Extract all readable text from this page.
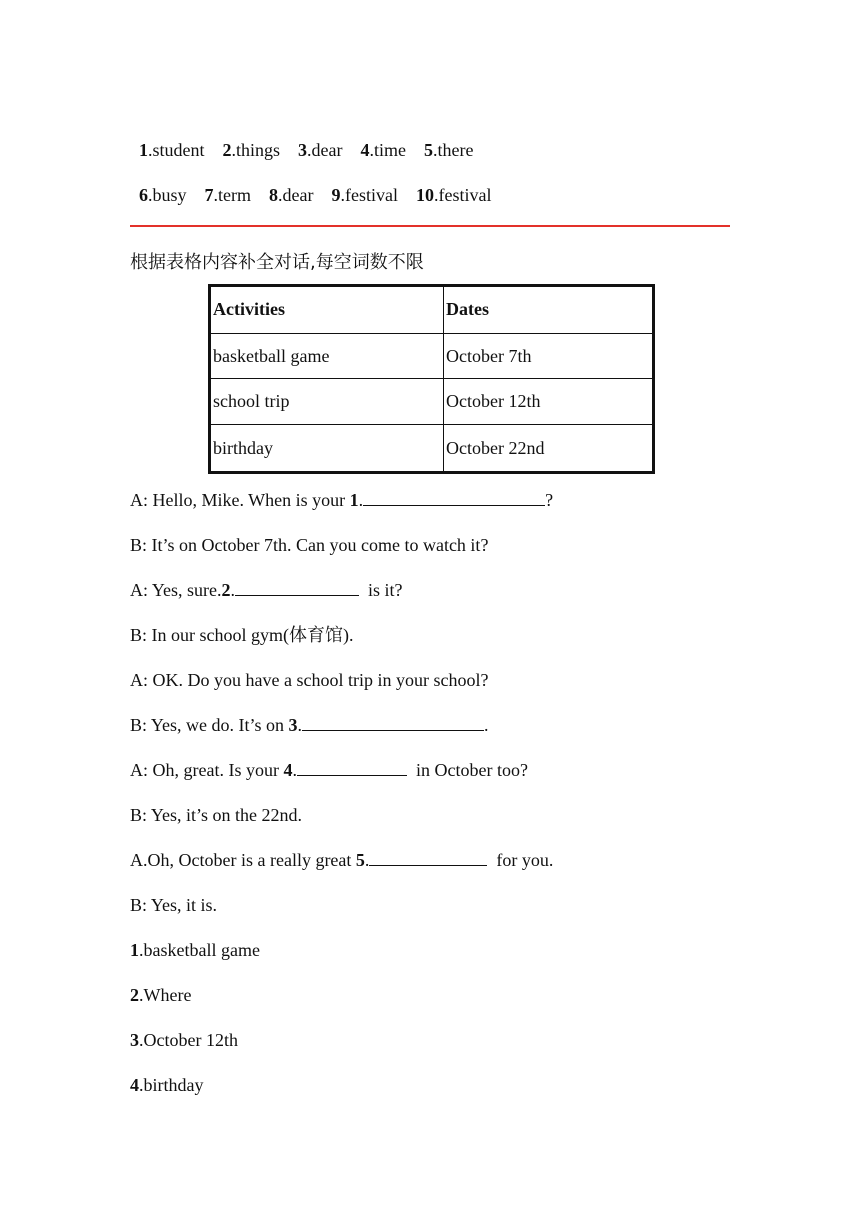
1.student 2.things 3.dear 4.time 5.there

6.busy 7.term 8.dear 9.festival 10.festival

根据表格内容补全对话,每空词数不限
Activities	Dates
basketball game	October 7th
school trip	October 12th
birthday	October 22nd
A: Hello, Mike. When is your 1.	?
B: It’s on October 7th. Can you come to watch it?
A: Yes, sure.2.	is it?
B: In our school gym(体育馆).
A: OK. Do you have a school trip in your school?
B: Yes, we do. It’s on 3.	.
A: Oh, great. Is your 4.	in October too?
B: Yes, it’s on the 22nd.
A.Oh, October is a really great 5.	for you.
B: Yes, it is.
1.basketball game
2.Where
3.October 12th
4.birthday
